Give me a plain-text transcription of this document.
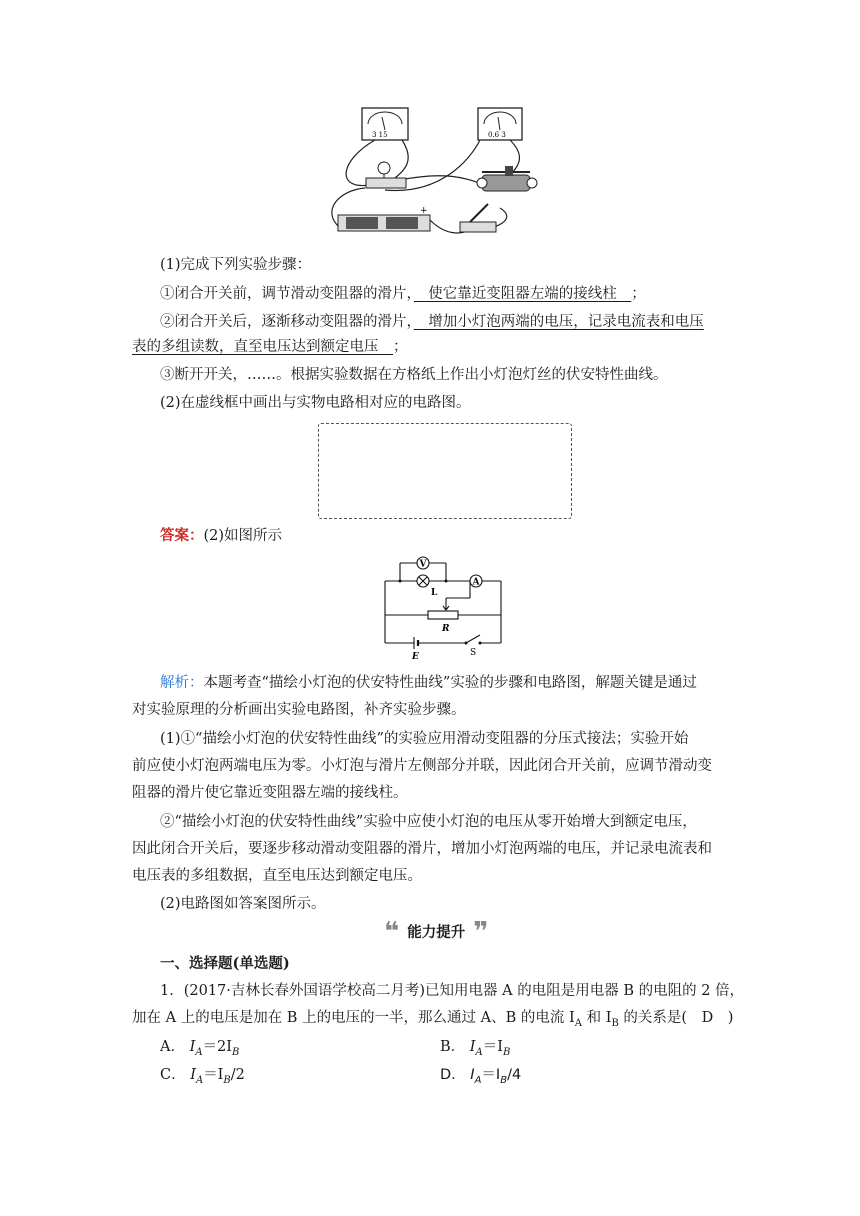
3 15	0.6 3
+
(1)完成下列实验步骤：
①闭合开关前，调节滑动变阻器的滑片，　使它靠近变阻器左端的接线柱　；
②闭合开关后，逐渐移动变阻器的滑片，　增加小灯泡两端的电压，记录电流表和电压
表的多组读数，直至电压达到额定电压　；
③断开开关，……。根据实验数据在方格纸上作出小灯泡灯丝的伏安特性曲线。
(2)在虚线框中画出与实物电路相对应的电路图。
答案：(2)如图所示
V
A
L
R
E	S
解析：本题考查“描绘小灯泡的伏安特性曲线”实验的步骤和电路图，解题关键是通过
对实验原理的分析画出实验电路图，补齐实验步骤。
(1)①“描绘小灯泡的伏安特性曲线”的实验应用滑动变阻器的分压式接法；实验开始
前应使小灯泡两端电压为零。小灯泡与滑片左侧部分并联，因此闭合开关前，应调节滑动变
阻器的滑片使它靠近变阻器左端的接线柱。
②“描绘小灯泡的伏安特性曲线”实验中应使小灯泡的电压从零开始增大到额定电压，
因此闭合开关后，要逐步移动滑动变阻器的滑片，增加小灯泡两端的电压，并记录电流表和
电压表的多组数据，直至电压达到额定电压。
(2)电路图如答案图所示。
❝ 能力提升 ❞
一、选择题(单选题)
1．(2017·吉林长春外国语学校高二月考)已知用电器 A 的电阻是用电器 B 的电阻的 2 倍，
加在 A 上的电压是加在 B 上的电压的一半，那么通过 A、B 的电流 $I_A$ 和 $I_B$ 的关系是(　D　)
A． $I_A=2I_B$	B． $I_A=I_B$
C． $I_A=I_B/2$	D． $I_A=I_B/4$
